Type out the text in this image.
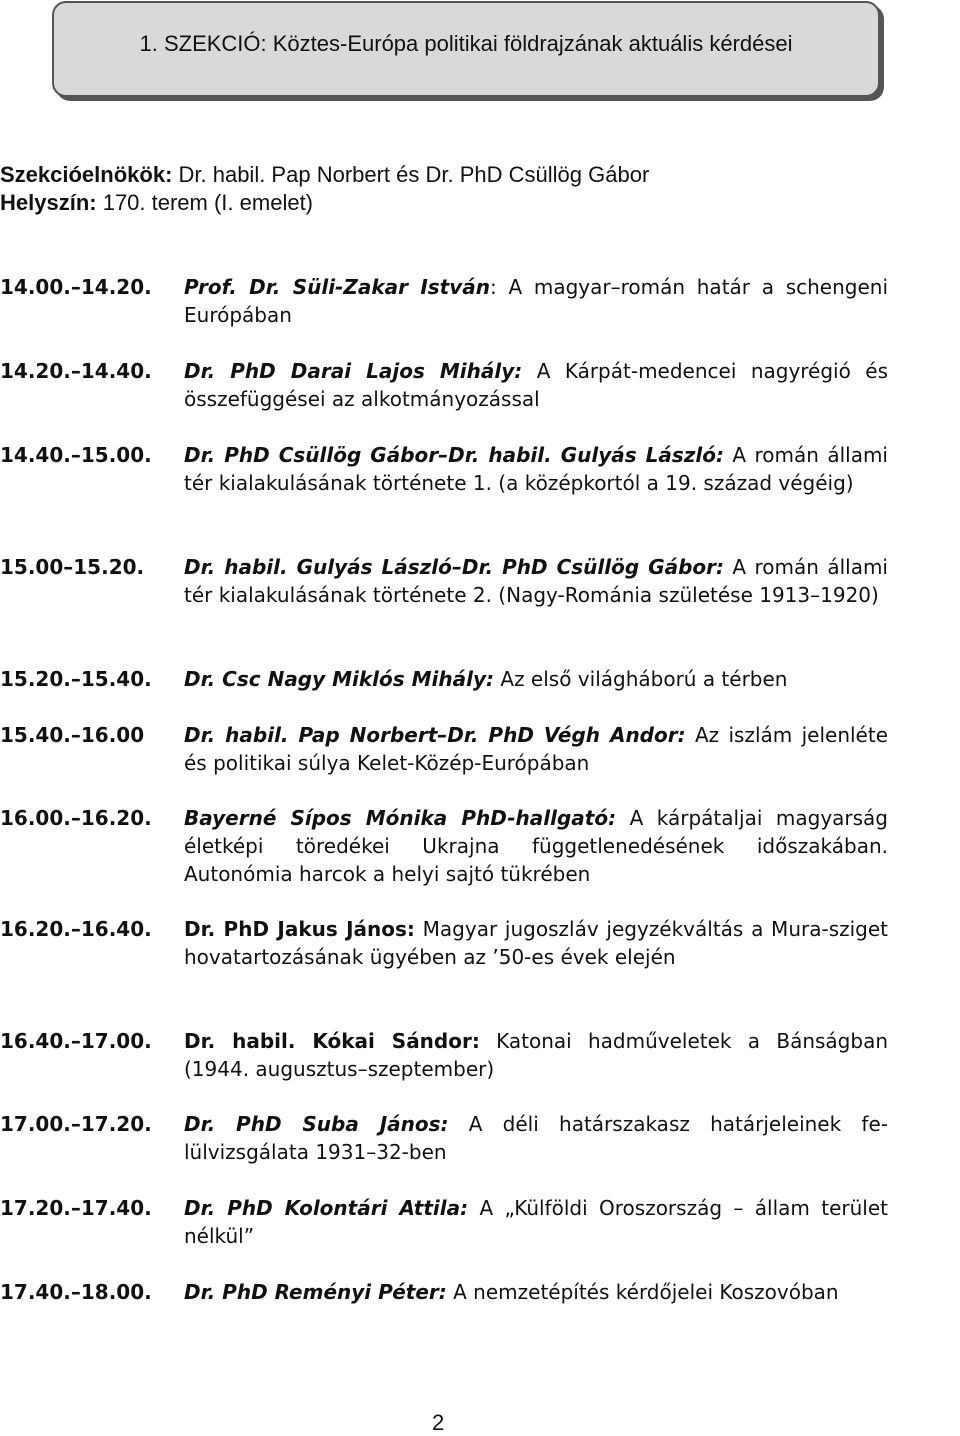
1. SZEKCIÓ: Köztes-Európa politikai földrajzának aktuális kérdései
Szekcióelnökök: Dr. habil. Pap Norbert és Dr. PhD Csüllög Gábor
Helyszín: 170. terem (I. emelet)
14.00.–14.20. Prof. Dr. Süli-Zakar István: A magyar–román határ a schengeni Európában
14.20.–14.40. Dr. PhD Darai Lajos Mihály: A Kárpát-medencei nagyrégió és összefüggései az alkotmányozással
14.40.–15.00. Dr. PhD Csüllög Gábor–Dr. habil. Gulyás László: A román állami tér kialakulásának története 1. (a középkortól a 19. század végéig)
15.00–15.20. Dr. habil. Gulyás László–Dr. PhD Csüllög Gábor: A román állami tér kialakulásának története 2. (Nagy-Románia születése 1913–1920)
15.20.–15.40. Dr. Csc Nagy Miklós Mihály: Az első világháború a térben
15.40.–16.00 Dr. habil. Pap Norbert–Dr. PhD Végh Andor: Az iszlám jelenléte és politikai súlya Kelet-Közép-Európában
16.00.–16.20. Bayerné Sípos Mónika PhD-hallgató: A kárpátaljai magyarság életképi töredékei Ukrajna függetlenedésének időszakában. Autonómia harcok a helyi sajtó tükrében
16.20.–16.40. Dr. PhD Jakus János: Magyar jugoszláv jegyzékváltás a Mura-sziget hovatartozásának ügyében az ’50-es évek elején
16.40.–17.00. Dr. habil. Kókai Sándor: Katonai hadműveletek a Bánságban (1944. augusztus–szeptember)
17.00.–17.20. Dr. PhD Suba János: A déli határszakasz határjeleinek felülvizsgálata 1931–32-ben
17.20.–17.40. Dr. PhD Kolontári Attila: A „Külföldi Oroszország – állam terület nélkül”
17.40.–18.00. Dr. PhD Reményi Péter: A nemzetépítés kérdőjelei Koszovóban
2
